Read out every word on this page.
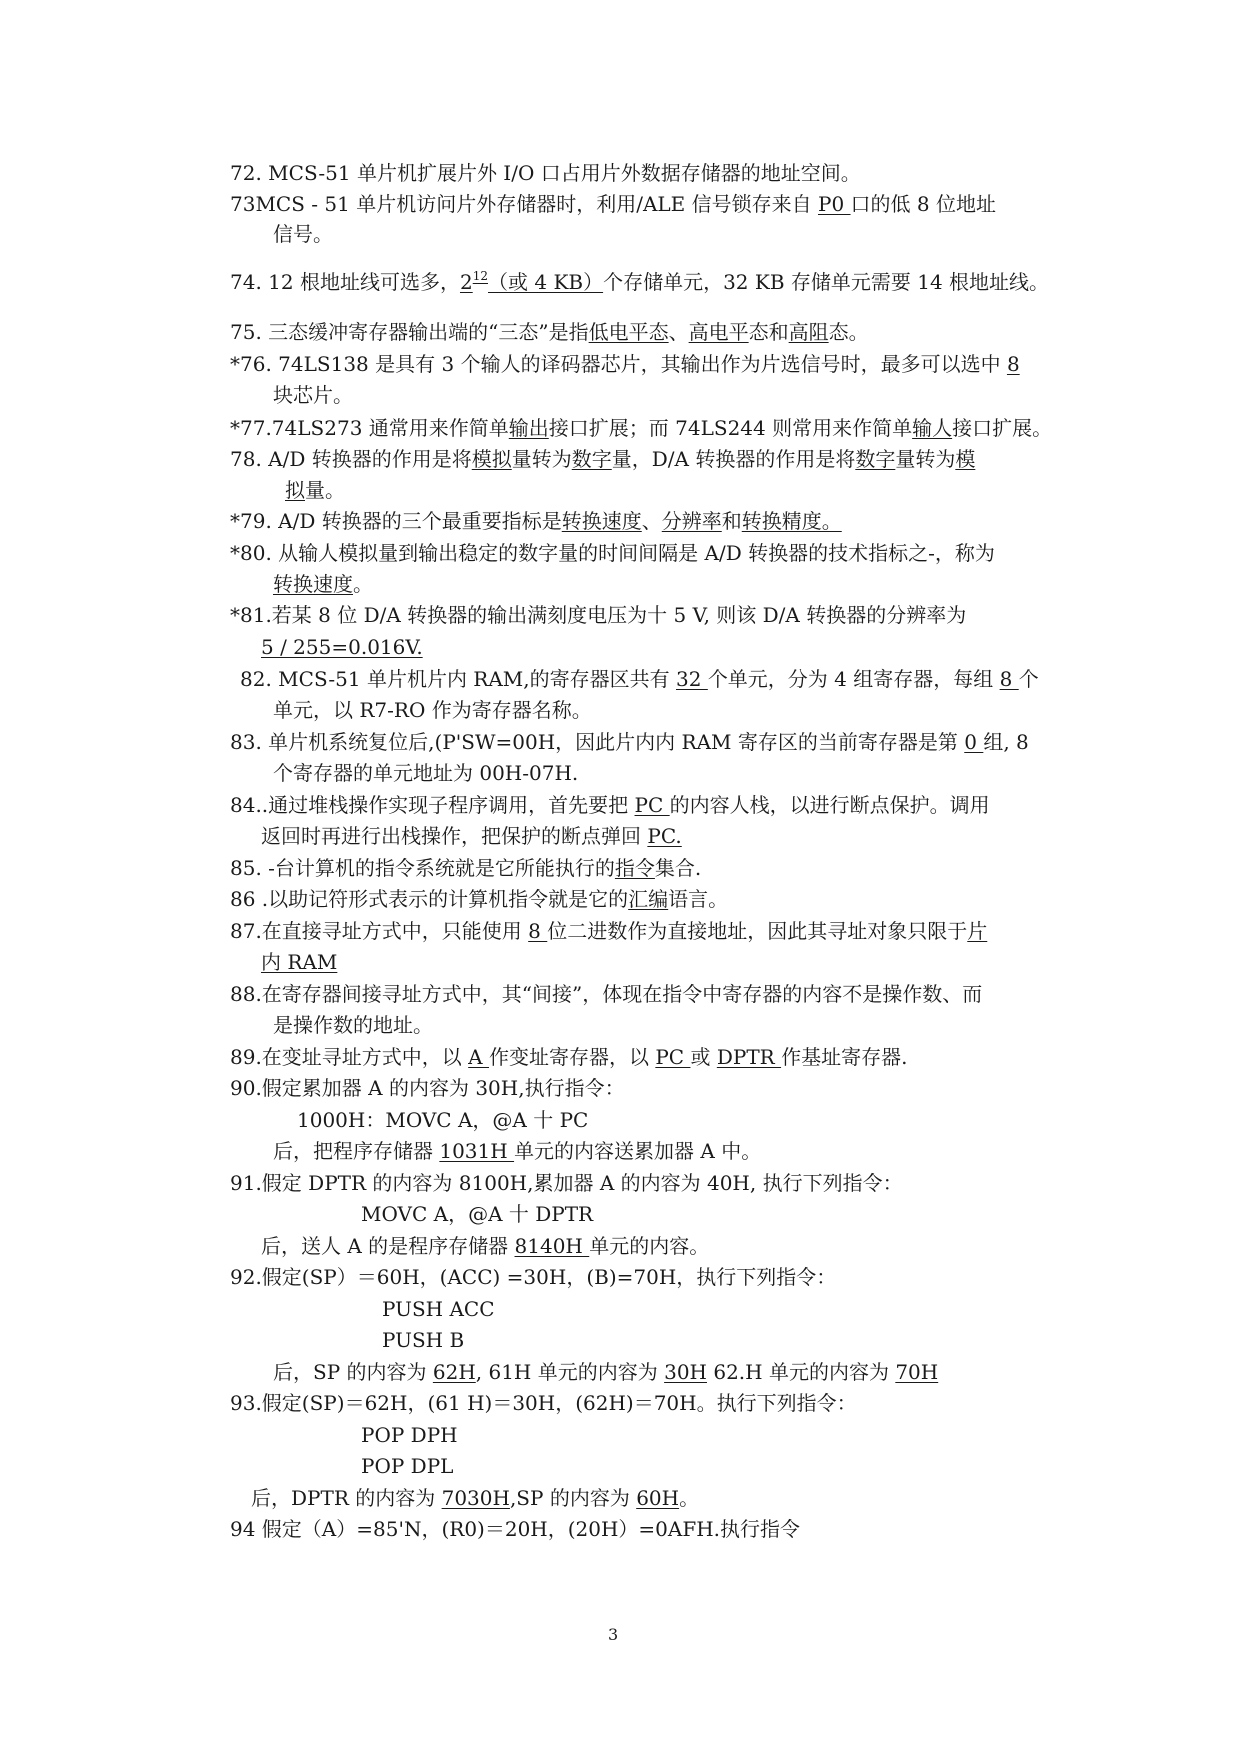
72. MCS-51 单片机扩展片外 I/O 口占用片外数据存储器的地址空间。
73MCS - 51 单片机访问片外存储器时，利用/ALE 信号锁存来自 P0 口的低 8 位地址
信号。
74. 12 根地址线可选多，$2^{12}$（或 4 KB）个存储单元，32 KB 存储单元需要 14 根地址线。
75. 三态缓冲寄存器输出端的“三态”是指低电平态、高电平态和高阻态。
*76. 74LS138 是具有 3 个输人的译码器芯片，其输出作为片选信号时，最多可以选中 8
块芯片。
*77.74LS273 通常用来作简单输出接口扩展；而 74LS244 则常用来作简单输人接口扩展。
78. A/D 转换器的作用是将模拟量转为数字量，D/A 转换器的作用是将数字量转为模
拟量。
*79. A/D 转换器的三个最重要指标是转换速度、分辨率和转换精度。
*80. 从输人模拟量到输出稳定的数字量的时间间隔是 A/D 转换器的技术指标之-，称为
转换速度。
*81.若某 8 位 D/A 转换器的输出满刻度电压为十 5 V, 则该 D/A 转换器的分辨率为
5 / 255=0.016V.
82. MCS-51 单片机片内 RAM,的寄存器区共有 32 个单元，分为 4 组寄存器，每组 8 个
单元，以 R7-RO 作为寄存器名称。
83. 单片机系统复位后,(P'SW=00H，因此片内内 RAM 寄存区的当前寄存器是第 0 组, 8
个寄存器的单元地址为 00H-07H.
84..通过堆栈操作实现子程序调用，首先要把 PC 的内容人栈，以进行断点保护。调用
返回时再进行出栈操作，把保护的断点弹回 PC.
85. -台计算机的指令系统就是它所能执行的指令集合.
86 .以助记符形式表示的计算机指令就是它的汇编语言。
87.在直接寻址方式中，只能使用 8 位二进数作为直接地址，因此其寻址对象只限于片
内 RAM
88.在寄存器间接寻址方式中，其“间接”，体现在指令中寄存器的内容不是操作数、而
是操作数的地址。
89.在变址寻址方式中，以 A 作变址寄存器，以 PC 或 DPTR 作基址寄存器.
90.假定累加器 A 的内容为 30H,执行指令：
1000H：MOVC A，@A 十 PC
后，把程序存储器 1031H 单元的内容送累加器 A 中。
91.假定 DPTR 的内容为 8100H,累加器 A 的内容为 40H, 执行下列指令：
MOVC A，@A 十 DPTR
后，送人 A 的是程序存储器 8140H 单元的内容。
92.假定(SP）＝60H，(ACC) =30H，(B)=70H，执行下列指令：
PUSH ACC
PUSH B
后，SP 的内容为 62H, 61H 单元的内容为 30H 62.H 单元的内容为 70H
93.假定(SP)＝62H，(61 H)＝30H，(62H)＝70H。执行下列指令：
POP DPH
POP DPL
后，DPTR 的内容为 7030H,SP 的内容为 60H。
94 假定（A）=85'N，(R0)＝20H，(20H）=0AFH.执行指令
3
